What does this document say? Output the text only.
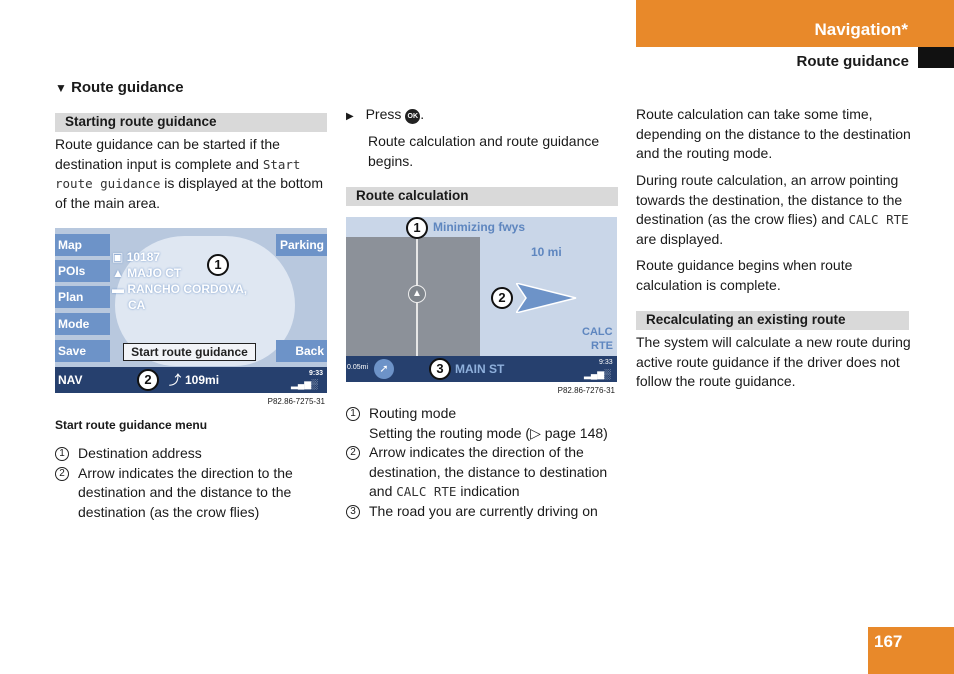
Navigation*
Route guidance
167
▼ Route guidance
Starting route guidance
Route guidance can be started if the destination input is complete and Start route guidance is displayed at the bottom of the main area.
Map
POIs
Plan
Mode
Save
Parking
Back
▣ 10187
▲ MAJO CT
▬ RANCHO CORDOVA,
CA
1
Start route guidance
NAV	2	⤴ 109mi	▂▄▆░
9:33
P82.86-7275-31
Start route guidance menu
1 Destination address
2 Arrow indicates the direction to the destination and the distance to the destination (as the crow flies)
▶ Press OK .
Route calculation and route guidance begins.
Route calculation
▲
1	Minimizing fwys
10 mi
2
CALC
RTE
0.05mi	➚	3 MAIN ST	▂▄▆░
9:33
P82.86-7276-31
1 Routing mode
Setting the routing mode (▷ page 148)
2 Arrow indicates the direction of the destination, the distance to destination and CALC RTE indication
3 The road you are currently driving on
Route calculation can take some time, depending on the distance to the destination and the routing mode.
During route calculation, an arrow pointing towards the destination, the distance to the destination (as the crow flies) and CALC RTE are displayed.
Route guidance begins when route calculation is complete.
Recalculating an existing route
The system will calculate a new route during active route guidance if the driver does not follow the route guidance.
